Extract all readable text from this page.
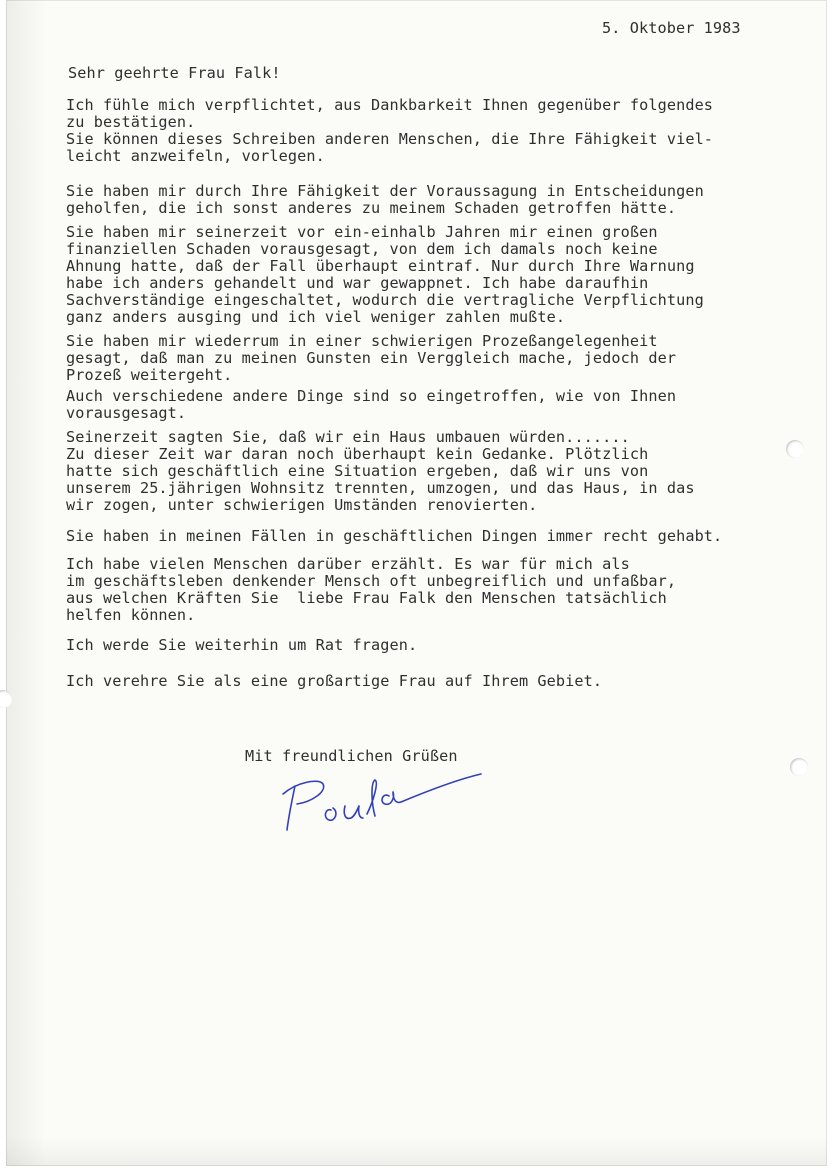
5. Oktober 1983
Sehr geehrte Frau Falk!
Ich fühle mich verpflichtet, aus Dankbarkeit Ihnen gegenüber folgendes
zu bestätigen.
Sie können dieses Schreiben anderen Menschen, die Ihre Fähigkeit viel-
leicht anzweifeln, vorlegen.
Sie haben mir durch Ihre Fähigkeit der Voraussagung in Entscheidungen
geholfen, die ich sonst anderes zu meinem Schaden getroffen hätte.
Sie haben mir seinerzeit vor ein-einhalb Jahren mir einen großen
finanziellen Schaden vorausgesagt, von dem ich damals noch keine
Ahnung hatte, daß der Fall überhaupt eintraf. Nur durch Ihre Warnung
habe ich anders gehandelt und war gewappnet. Ich habe daraufhin
Sachverständige eingeschaltet, wodurch die vertragliche Verpflichtung
ganz anders ausging und ich viel weniger zahlen mußte.
Sie haben mir wiederrum in einer schwierigen Prozeßangelegenheit
gesagt, daß man zu meinen Gunsten ein Verggleich mache, jedoch der
Prozeß weitergeht.
Auch verschiedene andere Dinge sind so eingetroffen, wie von Ihnen
vorausgesagt.
Seinerzeit sagten Sie, daß wir ein Haus umbauen würden.......
Zu dieser Zeit war daran noch überhaupt kein Gedanke. Plötzlich
hatte sich geschäftlich eine Situation ergeben, daß wir uns von
unserem 25.jährigen Wohnsitz trennten, umzogen, und das Haus, in das
wir zogen, unter schwierigen Umständen renovierten.
Sie haben in meinen Fällen in geschäftlichen Dingen immer recht gehabt.
Ich habe vielen Menschen darüber erzählt. Es war für mich als
im geschäftsleben denkender Mensch oft unbegreiflich und unfaßbar,
aus welchen Kräften Sie  liebe Frau Falk den Menschen tatsächlich
helfen können.
Ich werde Sie weiterhin um Rat fragen.
Ich verehre Sie als eine großartige Frau auf Ihrem Gebiet.
Mit freundlichen Grüßen
